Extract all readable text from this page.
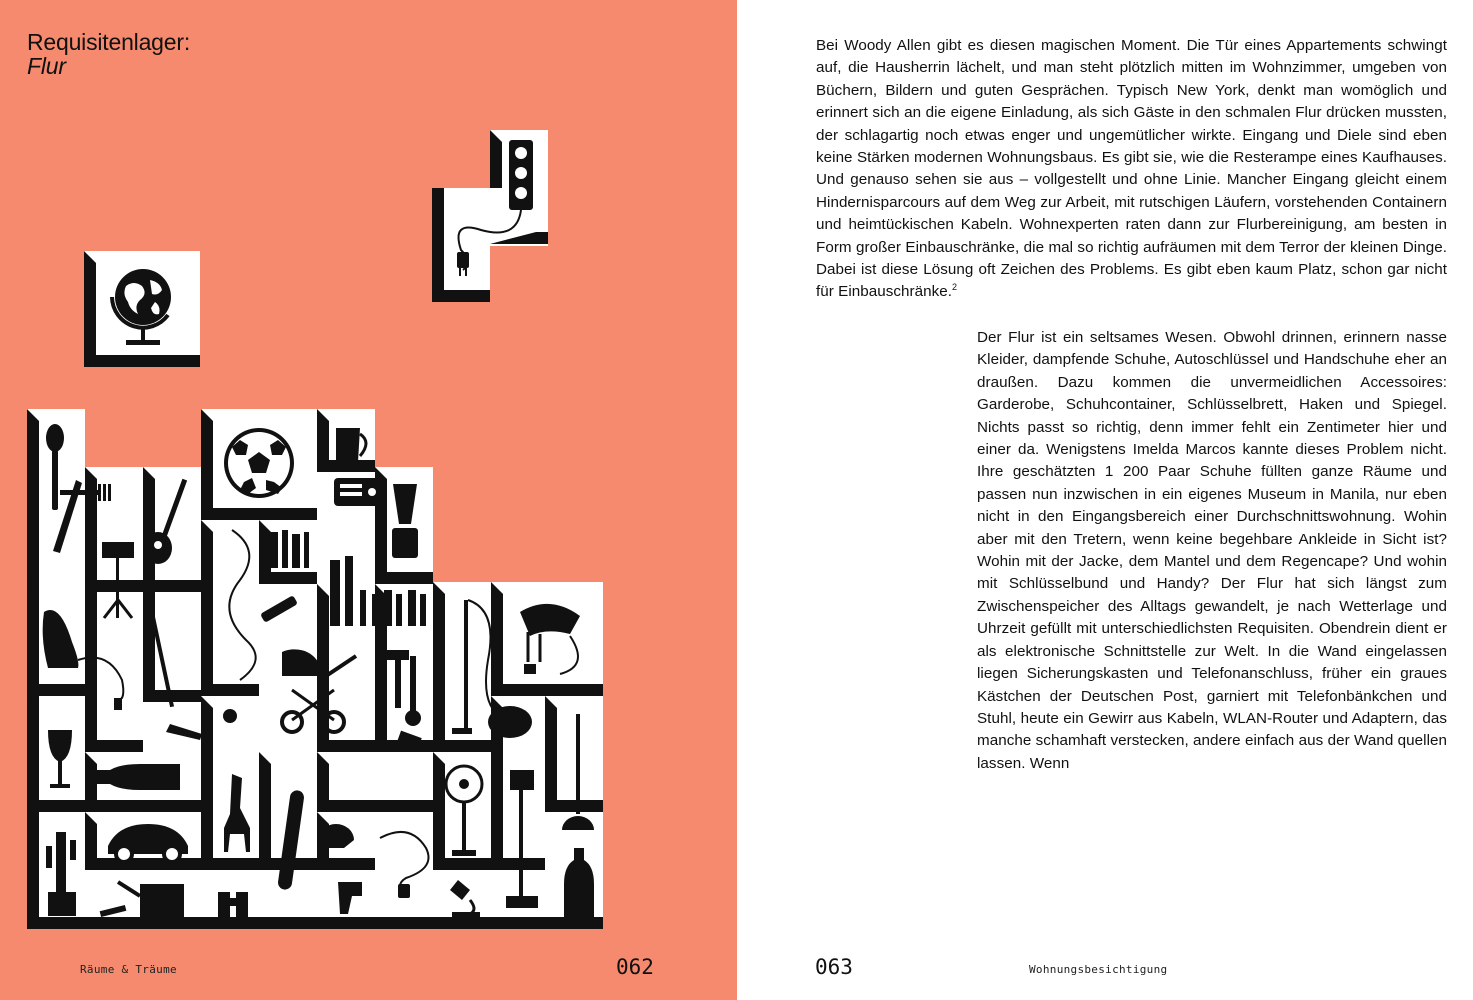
Requisitenlager:
Flur
Räume & Träume	062
Bei Woody Allen gibt es diesen magischen Moment. Die Tür eines Appartements schwingt auf, die Hausherrin lächelt, und man steht plötzlich mitten im Wohnzimmer, umgeben von Büchern, Bildern und guten Gesprächen. Typisch New York, denkt man womöglich und erinnert sich an die eigene Einladung, als sich Gäste in den schmalen Flur drücken mussten, der schlagartig noch etwas enger und ungemütlicher wirkte. Eingang und Diele sind eben keine Stärken modernen Wohnungsbaus. Es gibt sie, wie die Resterampe eines Kaufhauses. Und genauso sehen sie aus – vollgestellt und ohne Linie. Mancher Eingang gleicht einem Hindernisparcours auf dem Weg zur Arbeit, mit rutschigen Läufern, vorstehenden Containern und heimtückischen Kabeln. Wohnexperten raten dann zur Flurbereinigung, am besten in Form großer Einbauschränke, die mal so richtig aufräumen mit dem Terror der kleinen Dinge. Dabei ist diese Lösung oft Zeichen des Problems. Es gibt eben kaum Platz, schon gar nicht für Einbauschränke.$^2$
Der Flur ist ein seltsames Wesen. Obwohl drinnen, erinnern nasse Kleider, dampfende Schuhe, Autoschlüssel und Handschuhe eher an draußen. Dazu kommen die unvermeidlichen Accessoires: Garderobe, Schuhcontainer, Schlüsselbrett, Haken und Spiegel. Nichts passt so richtig, denn immer fehlt ein Zentimeter hier und einer da. Wenigstens Imelda Marcos kannte dieses Problem nicht. Ihre geschätzten 1 200 Paar Schuhe füllten ganze Räume und passen nun inzwischen in ein eigenes Museum in Manila, nur eben nicht in den Eingangsbereich einer Durchschnittswohnung. Wohin aber mit den Tretern, wenn keine begehbare Ankleide in Sicht ist? Wohin mit der Jacke, dem Mantel und dem Regencape? Und wohin mit Schlüsselbund und Handy? Der Flur hat sich längst zum Zwischenspeicher des Alltags gewandelt, je nach Wetterlage und Uhrzeit gefüllt mit unterschiedlichsten Requisiten. Obendrein dient er als elektronische Schnittstelle zur Welt. In die Wand eingelassen liegen Sicherungskasten und Telefonanschluss, früher ein graues Kästchen der Deutschen Post, garniert mit Telefonbänkchen und Stuhl, heute ein Gewirr aus Kabeln, WLAN-Router und Adaptern, das manche schamhaft verstecken, andere einfach aus der Wand quellen lassen. Wenn
063	Wohnungsbesichtigung
